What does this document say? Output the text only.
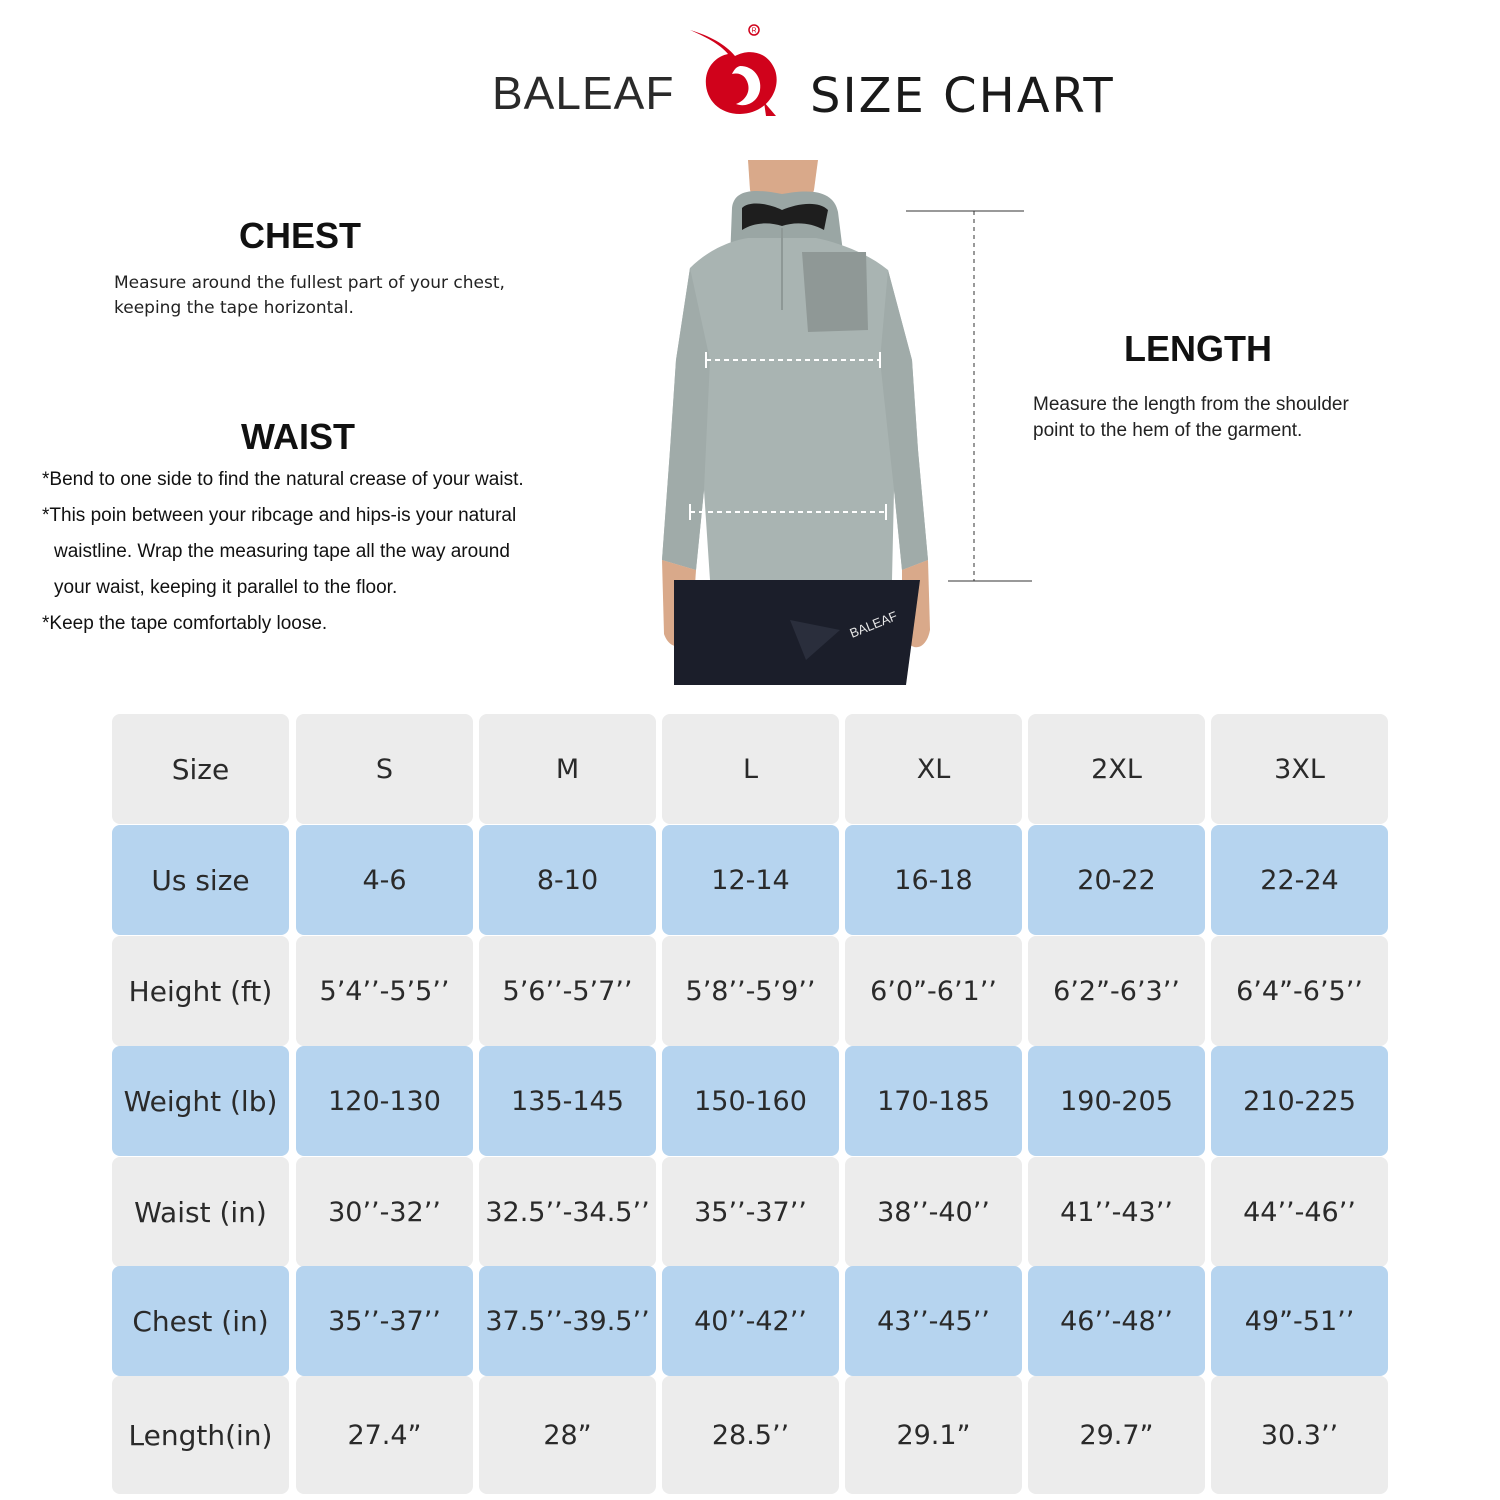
BALEAF
R
SIZE CHART
CHEST
Measure around the fullest part of your chest,
keeping the tape horizontal.
WAIST
*Bend to one side to find the natural crease of your waist.
*This poin between your ribcage and hips-is your natural
waistline. Wrap the measuring tape all the way around
your waist, keeping it parallel to the floor.
*Keep the tape comfortably loose.
LENGTH
Measure the length from the shoulder
point to the hem of the garment.
BALEAF
Size	S	M	L	XL	2XL	3XL
Us size	4-6	8-10	12-14	16-18	20-22	22-24
Height (ft)	5’4’’-5’5’’	5’6’’-5’7’’	5’8’’-5’9’’	6’0”-6’1’’	6’2”-6’3’’	6’4”-6’5’’
Weight (lb)	120-130	135-145	150-160	170-185	190-205	210-225
Waist (in)	30’’-32’’	32.5’’-34.5’’	35’’-37’’	38’’-40’’	41’’-43’’	44’’-46’’
Chest (in)	35’’-37’’	37.5’’-39.5’’	40’’-42’’	43’’-45’’	46’’-48’’	49”-51’’
Length(in)	27.4”	28”	28.5’’	29.1”	29.7”	30.3’’
